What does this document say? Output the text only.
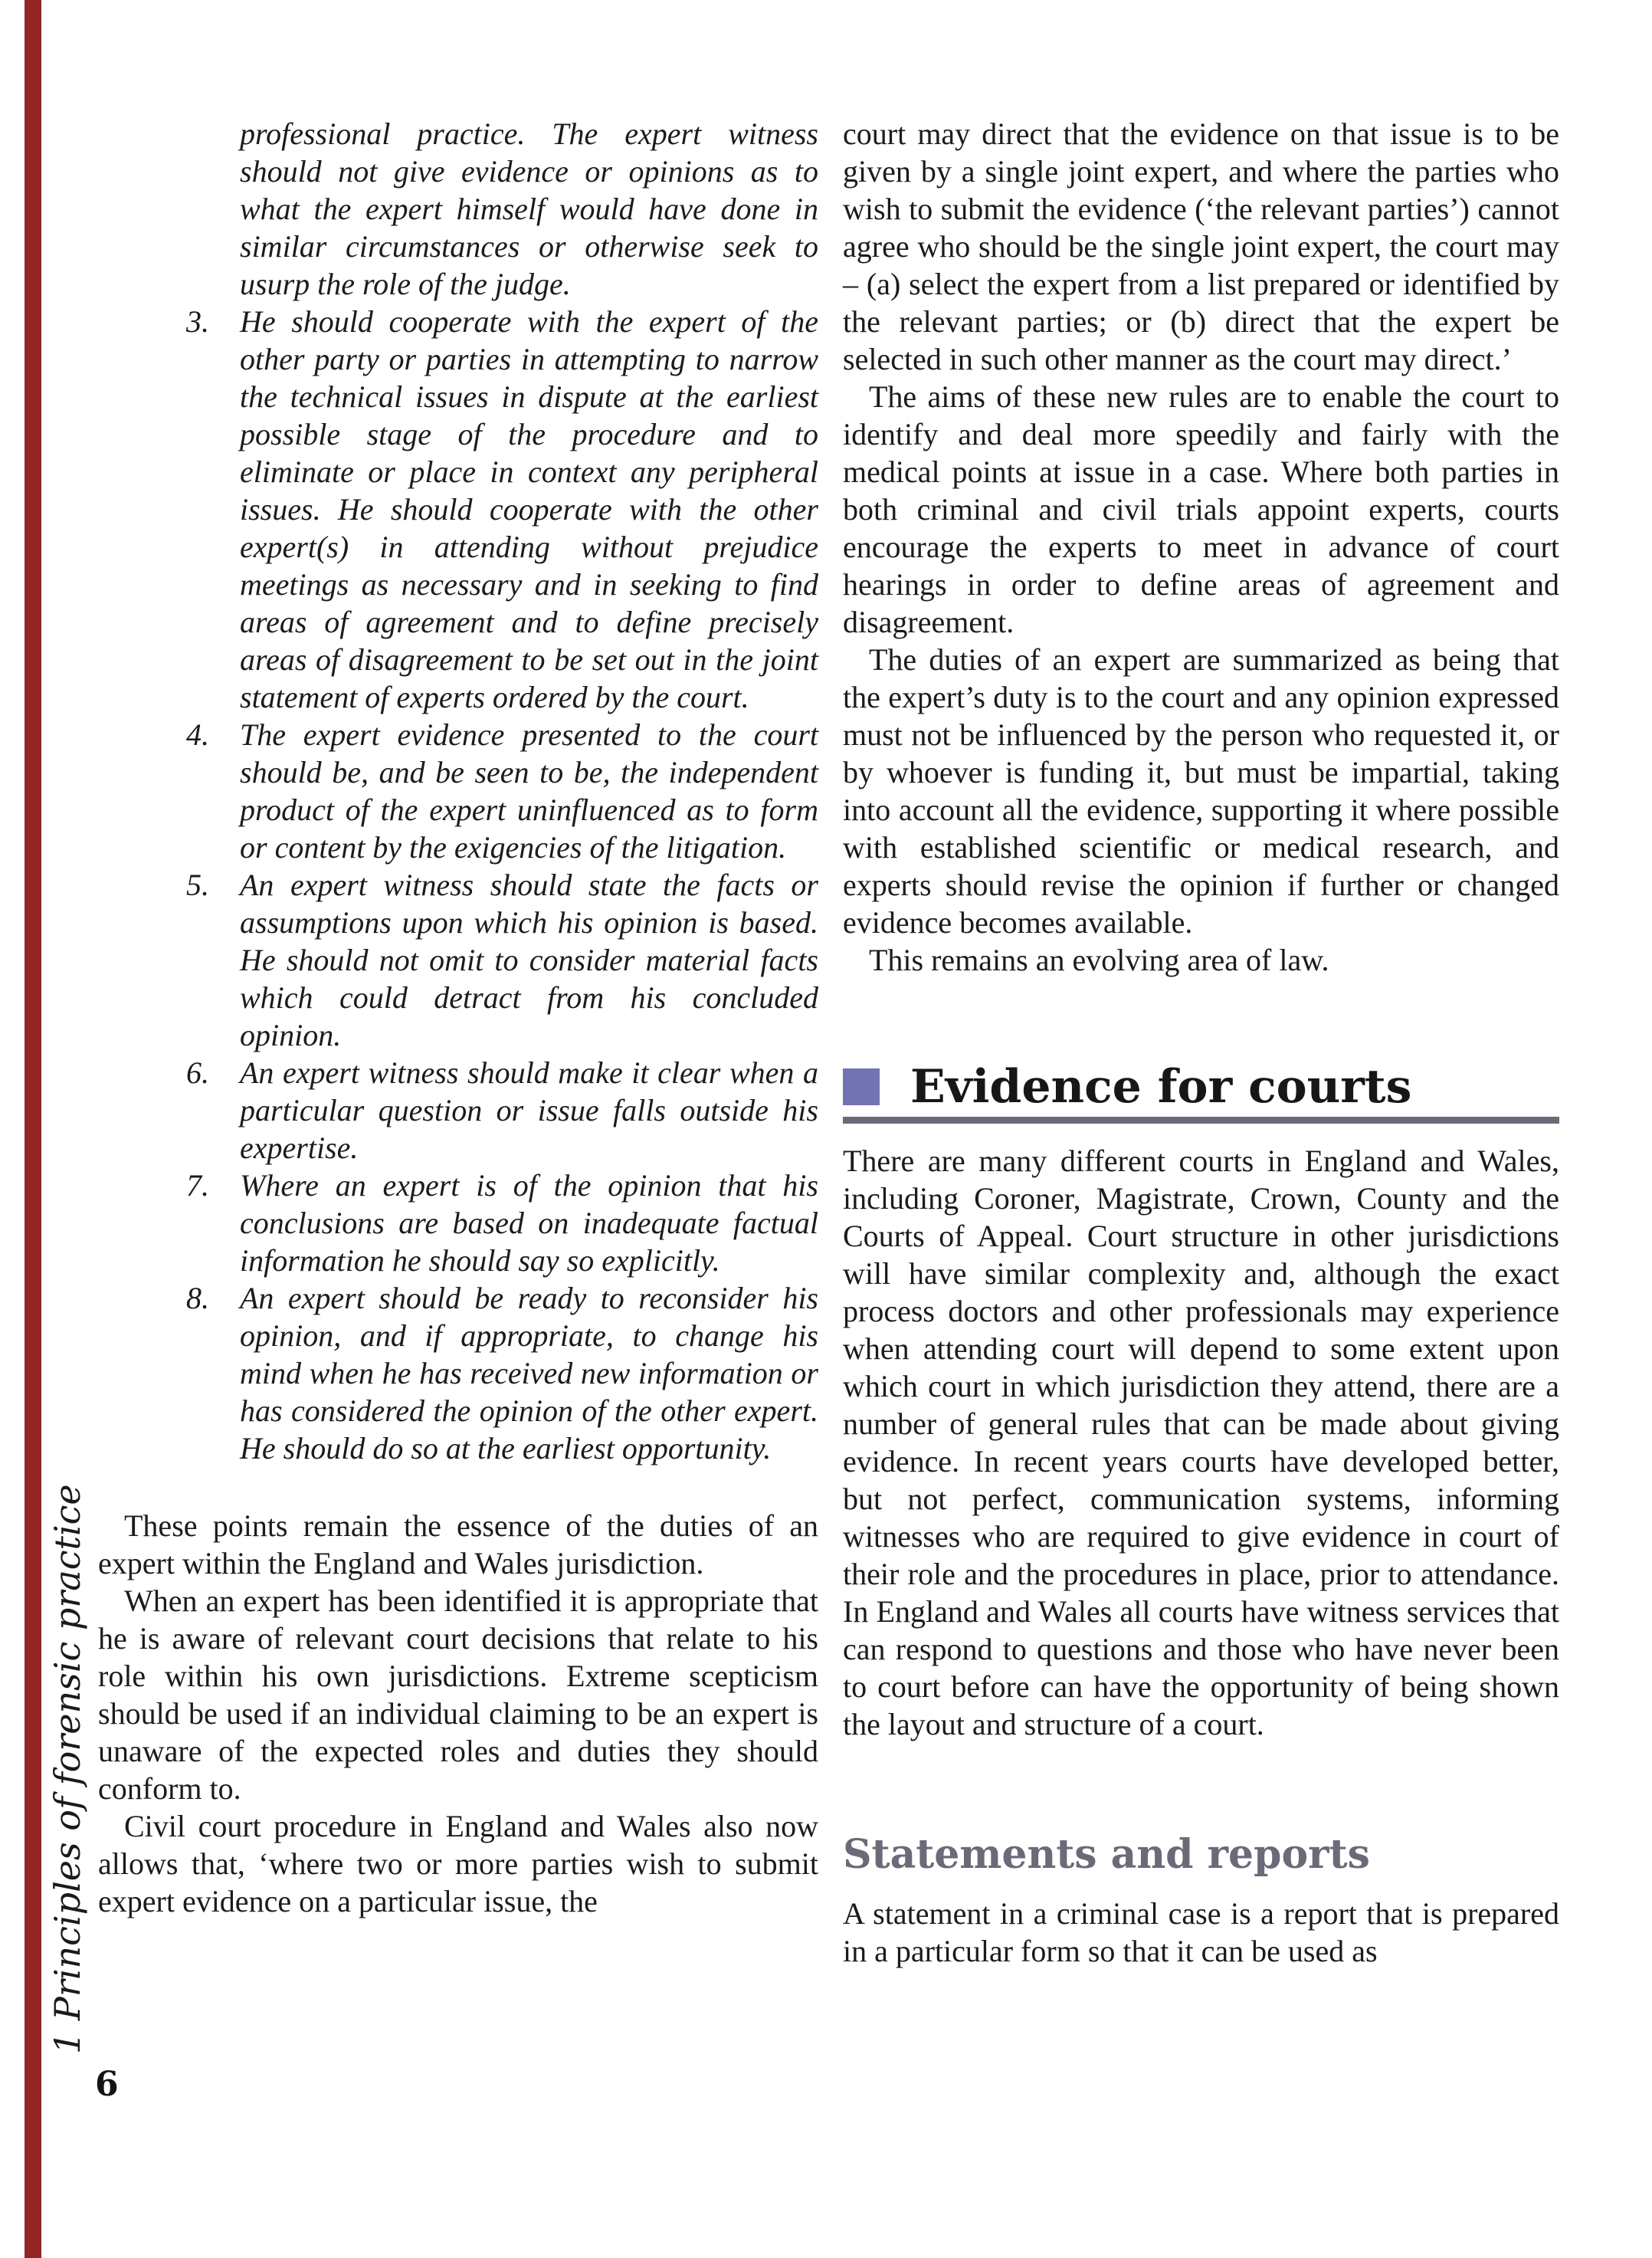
1 Principles of forensic practice
6
professional practice. The expert witness should not give evidence or opinions as to what the expert himself would have done in similar circumstances or otherwise seek to usurp the role of the judge.
3. He should cooperate with the expert of the other party or parties in attempting to narrow the technical issues in dispute at the earliest possible stage of the procedure and to eliminate or place in context any peripheral issues. He should cooperate with the other expert(s) in attending without prejudice meetings as necessary and in seeking to find areas of agreement and to define precisely areas of disagreement to be set out in the joint statement of experts ordered by the court.
4. The expert evidence presented to the court should be, and be seen to be, the independent product of the expert uninfluenced as to form or content by the exigencies of the litigation.
5. An expert witness should state the facts or assumptions upon which his opinion is based. He should not omit to consider material facts which could detract from his concluded opinion.
6. An expert witness should make it clear when a particular question or issue falls outside his expertise.
7. Where an expert is of the opinion that his conclusions are based on inadequate factual information he should say so explicitly.
8. An expert should be ready to reconsider his opinion, and if appropriate, to change his mind when he has received new information or has considered the opinion of the other expert. He should do so at the earliest opportunity.
These points remain the essence of the duties of an expert within the England and Wales jurisdiction.
When an expert has been identified it is appropriate that he is aware of relevant court decisions that relate to his role within his own jurisdictions. Extreme scepticism should be used if an individual claiming to be an expert is unaware of the expected roles and duties they should conform to.
Civil court procedure in England and Wales also now allows that, ‘where two or more parties wish to submit expert evidence on a particular issue, the
court may direct that the evidence on that issue is to be given by a single joint expert, and where the parties who wish to submit the evidence (‘the relevant parties’) cannot agree who should be the single joint expert, the court may – (a) select the expert from a list prepared or identified by the relevant parties; or (b) direct that the expert be selected in such other manner as the court may direct.’
The aims of these new rules are to enable the court to identify and deal more speedily and fairly with the medical points at issue in a case. Where both parties in both criminal and civil trials appoint experts, courts encourage the experts to meet in advance of court hearings in order to define areas of agreement and disagreement.
The duties of an expert are summarized as being that the expert’s duty is to the court and any opinion expressed must not be influenced by the person who requested it, or by whoever is funding it, but must be impartial, taking into account all the evidence, supporting it where possible with established scientific or medical research, and experts should revise the opinion if further or changed evidence becomes available.
This remains an evolving area of law.
Evidence for courts
There are many different courts in England and Wales, including Coroner, Magistrate, Crown, County and the Courts of Appeal. Court structure in other jurisdictions will have similar complexity and, although the exact process doctors and other professionals may experience when attending court will depend to some extent upon which court in which jurisdiction they attend, there are a number of general rules that can be made about giving evidence. In recent years courts have developed better, but not perfect, communication systems, informing witnesses who are required to give evidence in court of their role and the procedures in place, prior to attendance. In England and Wales all courts have witness services that can respond to questions and those who have never been to court before can have the opportunity of being shown the layout and structure of a court.
Statements and reports
A statement in a criminal case is a report that is prepared in a particular form so that it can be used as
